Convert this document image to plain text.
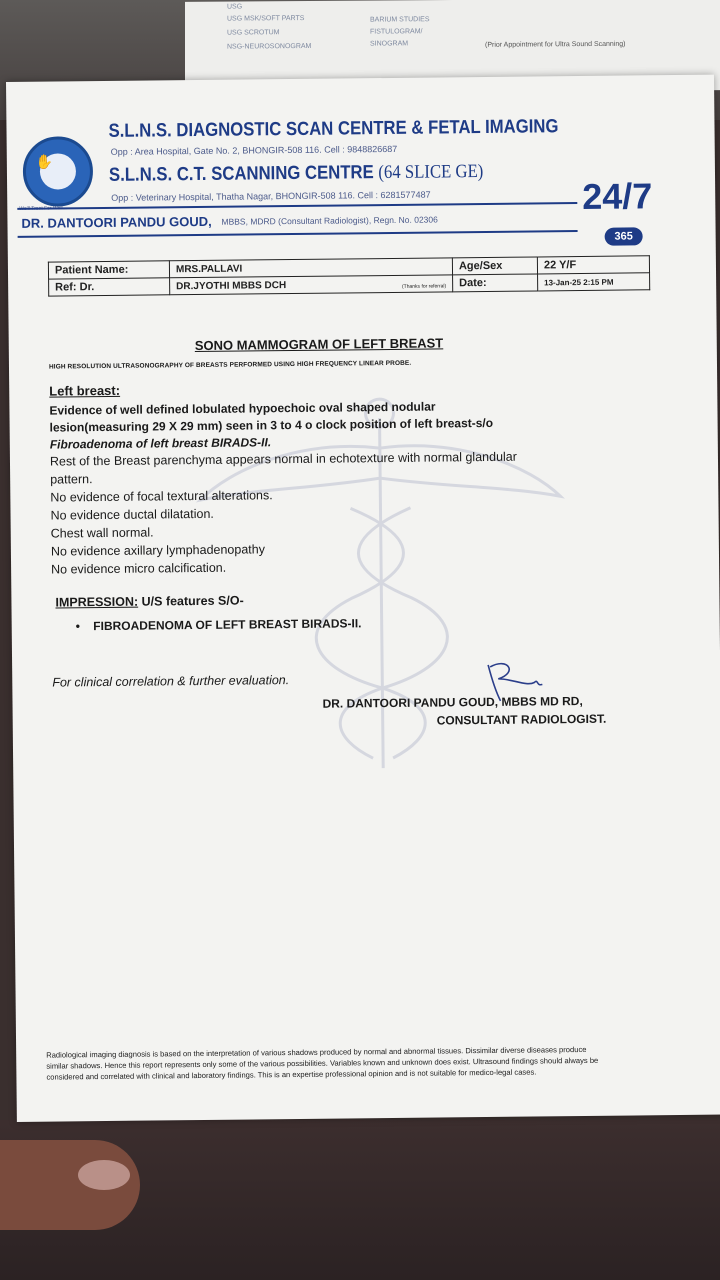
USG
USG MSK/SOFT PARTS
USG SCROTUM
NSG-NEUROSONOGRAM
BARIUM STUDIES
FISTULOGRAM/
SINOGRAM	(Prior Appointment for Ultra Sound Scanning)
✋
S.L.N.S. DIAGNOSTIC SCAN CENTRE & FETAL IMAGING
Opp : Area Hospital, Gate No. 2, BHONGIR-508 116. Cell : 9848826687
S.L.N.S. C.T. SCANNING CENTRE (64 SLICE GE)
Opp : Veterinary Hospital, Thatha Nagar, BHONGIR-508 116. Cell : 6281577487	24/7
365
DR. DANTOORI PANDU GOUD, MBBS, MDRD (Consultant Radiologist), Regn. No. 02306
Patient Name:	MRS.PALLAVI	Age/Sex	22 Y/F
Ref: Dr.	DR.JYOTHI MBBS DCH (Thanks for referral)	Date:	13-Jan-25 2:15 PM
SONO MAMMOGRAM OF LEFT BREAST
HIGH RESOLUTION ULTRASONOGRAPHY OF BREASTS PERFORMED USING HIGH FREQUENCY LINEAR PROBE.
Left breast:
Evidence of well defined lobulated hypoechoic oval shaped nodular
lesion(measuring 29 X 29 mm) seen in 3 to 4 o clock position of left breast-s/o
Fibroadenoma of left breast BIRADS-II.
Rest of the Breast parenchyma appears normal in echotexture with normal glandular
pattern.
No evidence of focal textural alterations.
No evidence ductal dilatation.
Chest wall normal.
No evidence axillary lymphadenopathy
No evidence micro calcification.
IMPRESSION: U/S features S/O-
•    FIBROADENOMA OF LEFT BREAST BIRADS-II.
For clinical correlation & further evaluation.
DR. DANTOORI PANDU GOUD, MBBS MD RD,
CONSULTANT RADIOLOGIST.
Radiological imaging diagnosis is based on the interpretation of various shadows produced by normal and abnormal tissues. Dissimilar diverse diseases produce similar shadows. Hence this report represents only some of the various possibilities. Variables known and unknown does exist. Ultrasound findings should always be considered and correlated with clinical and laboratory findings. This is an expertise professional opinion and is not suitable for medico-legal cases.
